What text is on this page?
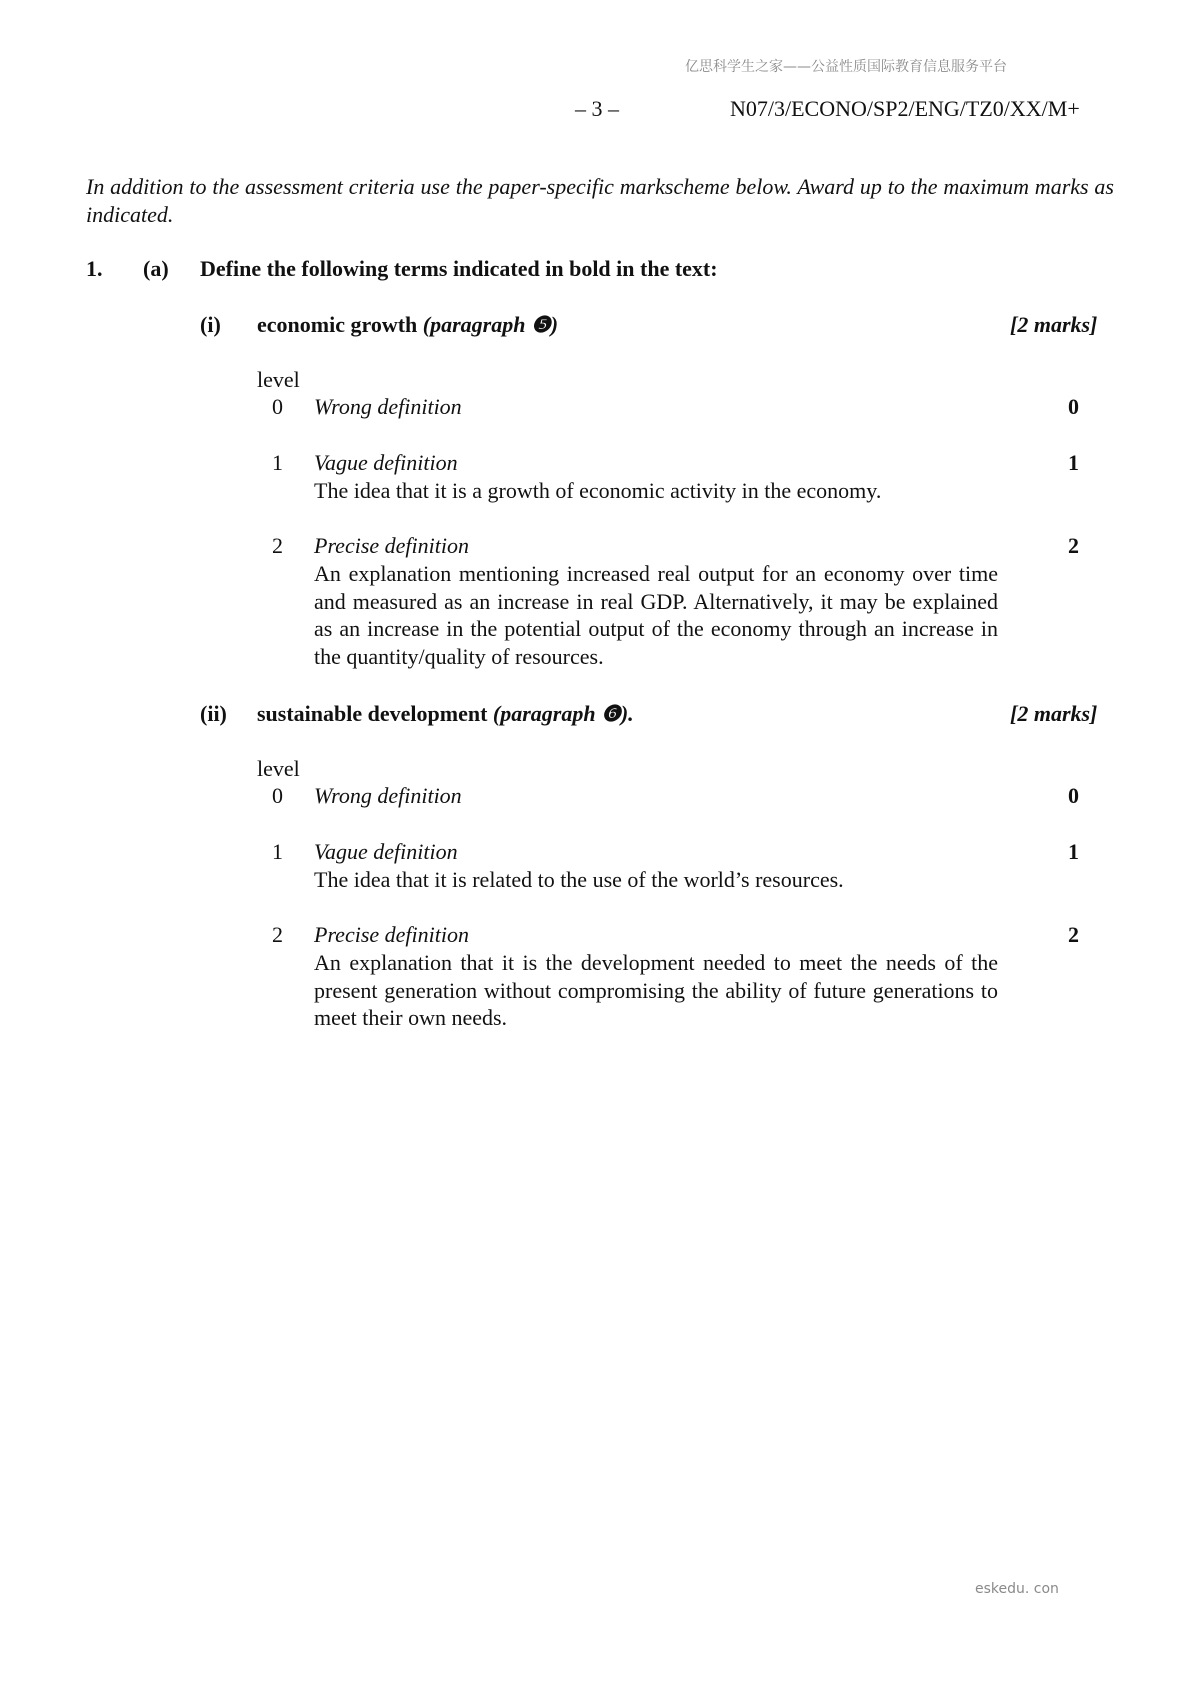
亿思科学生之家——公益性质国际教育信息服务平台
– 3 –	N07/3/ECONO/SP2/ENG/TZ0/XX/M+
In addition to the assessment criteria use the paper-specific markscheme below. Award up to the maximum marks as indicated.
1. (a) Define the following terms indicated in bold in the text:
(i) economic growth (paragraph ❺)	[2 marks]
level
0 Wrong definition	0
1 Vague definition	1
The idea that it is a growth of economic activity in the economy.
2 Precise definition	2
An explanation mentioning increased real output for an economy over time and measured as an increase in real GDP. Alternatively, it may be explained as an increase in the potential output of the economy through an increase in the quantity/quality of resources.
(ii) sustainable development (paragraph ❻).	[2 marks]
level
0 Wrong definition	0
1 Vague definition	1
The idea that it is related to the use of the world’s resources.
2 Precise definition	2
An explanation that it is the development needed to meet the needs of the present generation without compromising the ability of future generations to meet their own needs.
eskedu. con
